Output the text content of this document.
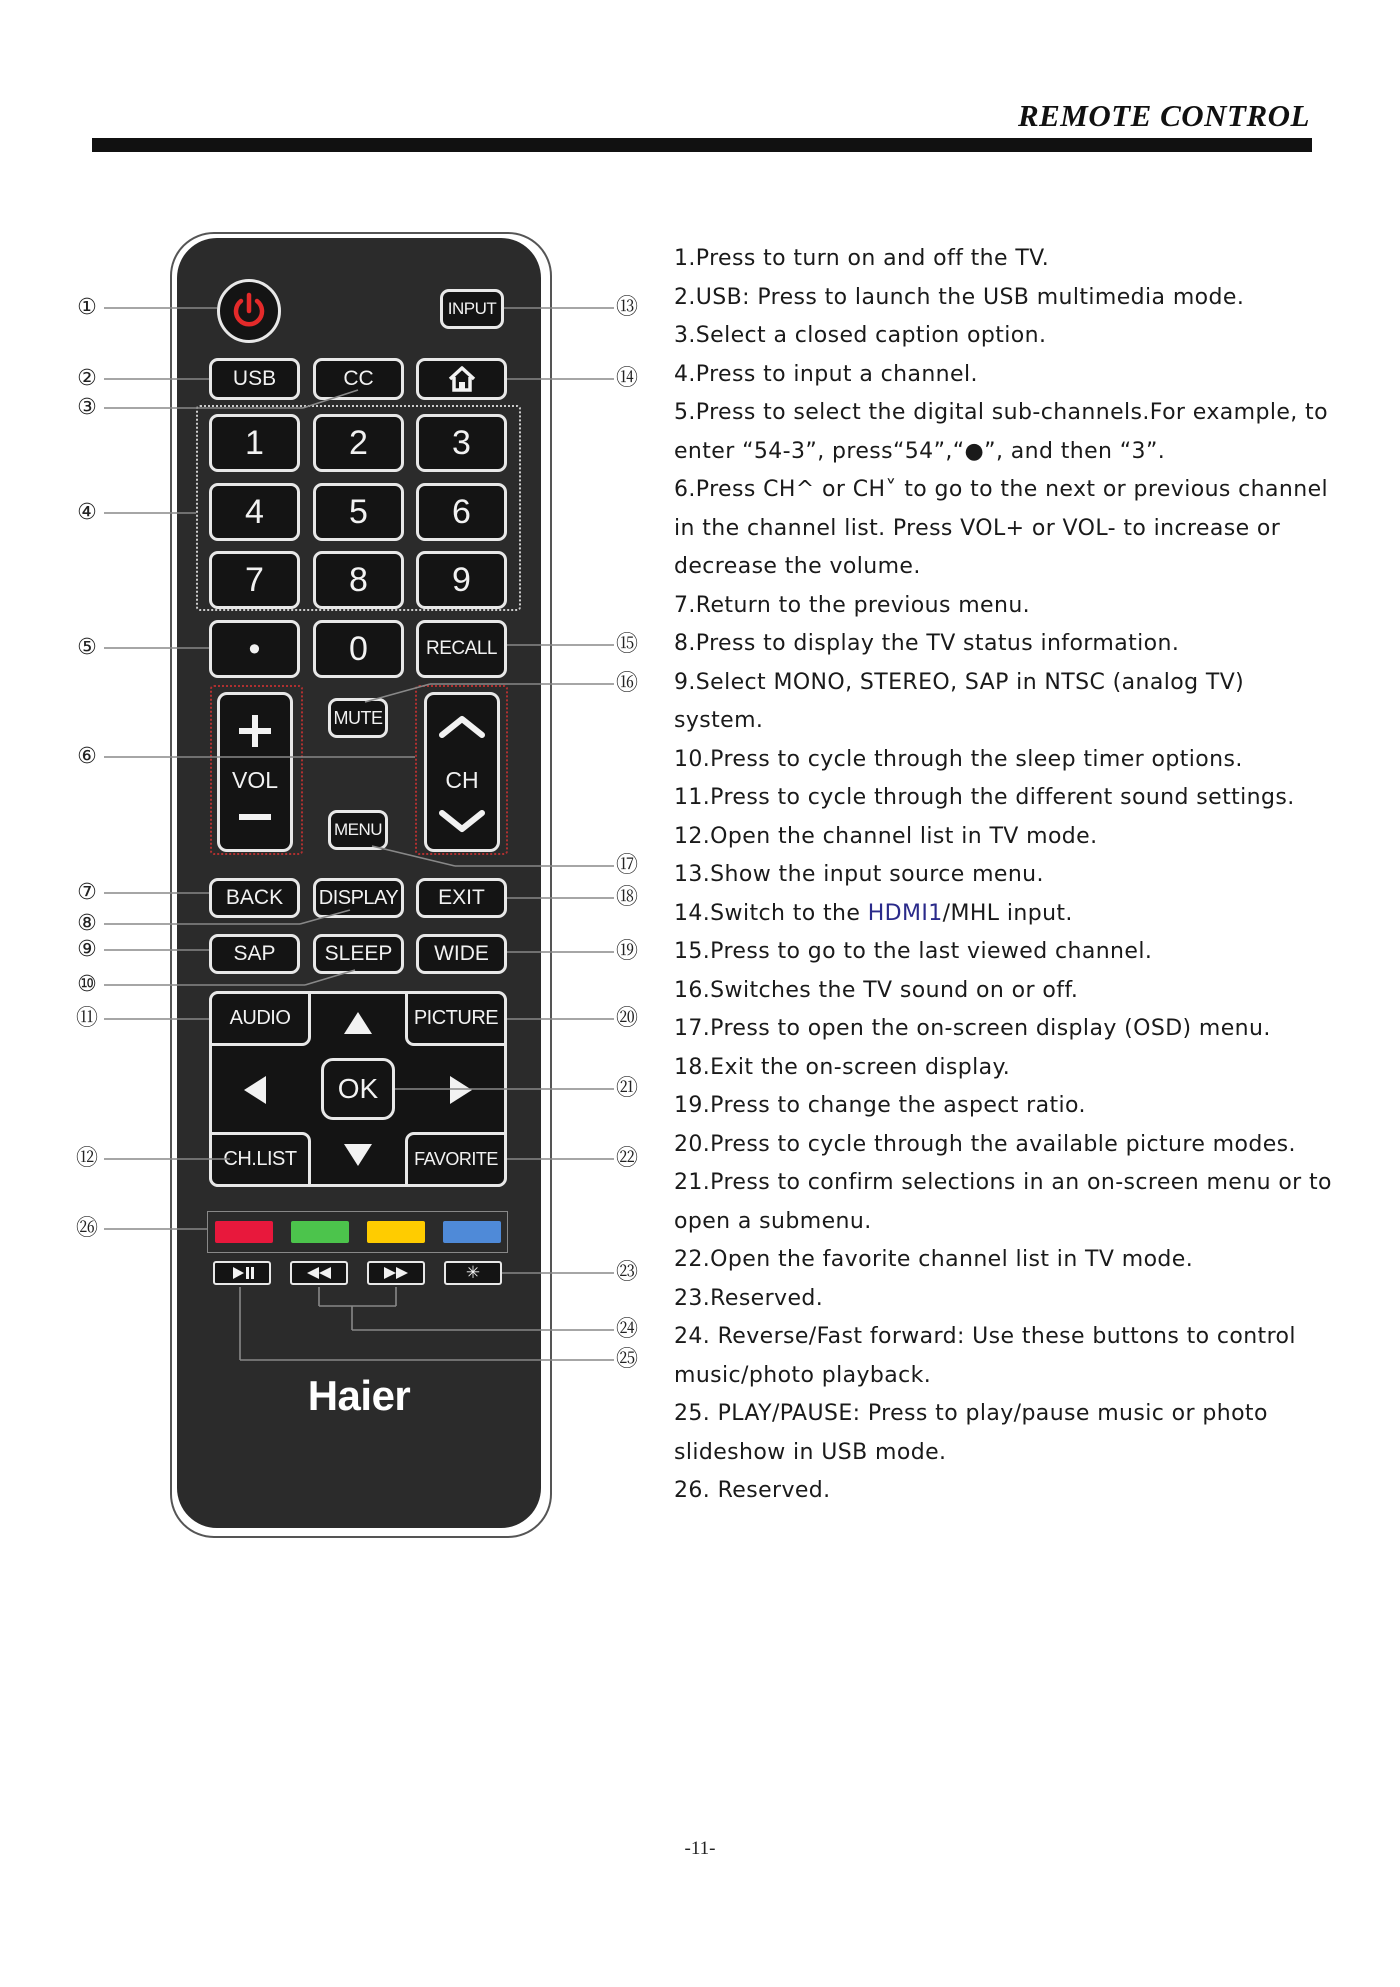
REMOTE CONTROL
INPUT
USB	CC
1	2	3
4	5	6
7	8	9
•	0	RECALL
VOL	CH
MUTE
MENU
BACK	DISPLAY	EXIT
SAP	SLEEP	WIDE
AUDIO	PICTURE
CH.LIST	FAVORITE
OK
✳
Haier
①
②
③
④
⑤
⑥
⑦
⑧
⑨
⑩
⑪
⑫
㉖
⑬
⑭
⑮
⑯
⑰
⑱
⑲
⑳
㉑
㉒
㉓
㉔
㉕

1.Press to turn on and off the TV.

2.USB: Press to launch the USB multimedia mode.

3.Select a closed caption option.

4.Press to input a channel.

5.Press to select the digital sub-channels.For example, to

enter “54-3”, press“54”,“●”, and then “3”.

6.Press CH^ or CH˅ to go to the next or previous channel

in the channel list. Press VOL+ or VOL- to increase or

decrease the volume.

7.Return to the previous menu.

8.Press to display the TV status information.

9.Select MONO, STEREO, SAP in NTSC (analog TV)

system.

10.Press to cycle through the sleep timer options.

11.Press to cycle through the different sound settings.

12.Open the channel list in TV mode.

13.Show the input source menu.

14.Switch to the HDMI1/MHL input.

15.Press to go to the last viewed channel.

16.Switches the TV sound on or off.

17.Press to open the on-screen display (OSD) menu.

18.Exit the on-screen display.

19.Press to change the aspect ratio.

20.Press to cycle through the available picture modes.

21.Press to confirm selections in an on-screen menu or to

open a submenu.

22.Open the favorite channel list in TV mode.

23.Reserved.

24. Reverse/Fast forward: Use these buttons to control

music/photo playback.

25. PLAY/PAUSE: Press to play/pause music or photo

slideshow in USB mode.

26. Reserved.

-11-
